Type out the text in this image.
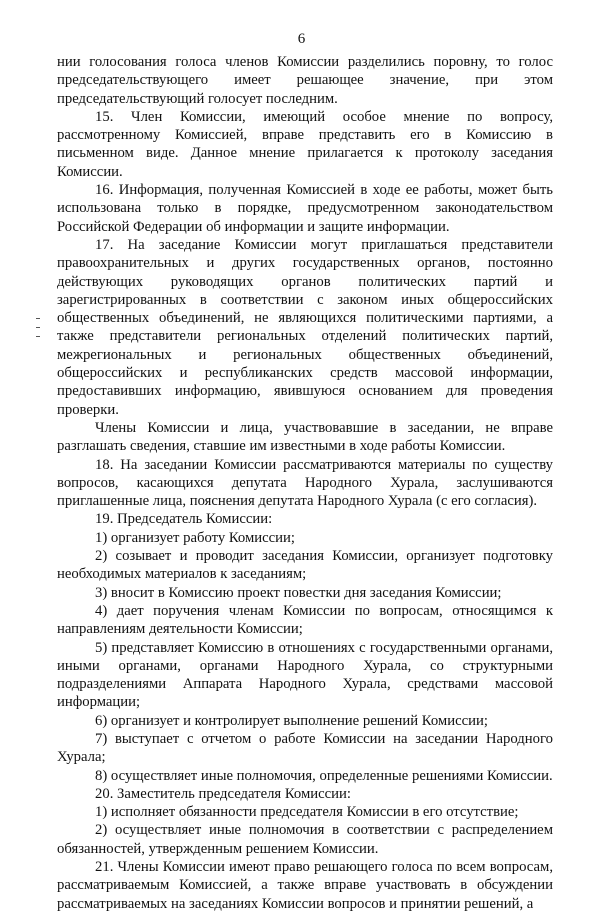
6

нии голосования голоса членов Комиссии разделились поровну, то голос председательствующего имеет решающее значение, при этом председательствующий голосует последним.

15. Член Комиссии, имеющий особое мнение по вопросу, рассмотренному Комиссией, вправе представить его в Комиссию в письменном виде. Данное мнение прилагается к протоколу заседания Комиссии.

16. Информация, полученная Комиссией в ходе ее работы, может быть использована только в порядке, предусмотренном законодательством Российской Федерации об информации и защите информации.

17. На заседание Комиссии могут приглашаться представители правоохранительных и других государственных органов, постоянно действующих руководящих органов политических партий и зарегистрированных в соответствии с законом иных общероссийских общественных объединений, не являющихся политическими партиями, а также представители региональных отделений политических партий, межрегиональных и региональных общественных объединений, общероссийских и республиканских средств массовой информации, предоставивших информацию, явившуюся основанием для проведения проверки.

Члены Комиссии и лица, участвовавшие в заседании, не вправе разглашать сведения, ставшие им известными в ходе работы Комиссии.

18. На заседании Комиссии рассматриваются материалы по существу вопросов, касающихся депутата Народного Хурала, заслушиваются приглашенные лица, пояснения депутата Народного Хурала (с его согласия).

19. Председатель Комиссии:

1) организует работу Комиссии;

2) созывает и проводит заседания Комиссии, организует подготовку необходимых материалов к заседаниям;

3) вносит в Комиссию проект повестки дня заседания Комиссии;

4) дает поручения членам Комиссии по вопросам, относящимся к направлениям деятельности Комиссии;

5) представляет Комиссию в отношениях с государственными органами, иными органами, органами Народного Хурала, со структурными подразделениями Аппарата Народного Хурала, средствами массовой информации;

6) организует и контролирует выполнение решений Комиссии;

7) выступает с отчетом о работе Комиссии на заседании Народного Хурала;

8) осуществляет иные полномочия, определенные решениями Комиссии.

20. Заместитель председателя Комиссии:

1) исполняет обязанности председателя Комиссии в его отсутствие;

2) осуществляет иные полномочия в соответствии с распределением обязанностей, утвержденным решением Комиссии.

21. Члены Комиссии имеют право решающего голоса по всем вопросам, рассматриваемым Комиссией, а также вправе участвовать в обсуждении рассматриваемых на заседаниях Комиссии вопросов и принятии решений, а
